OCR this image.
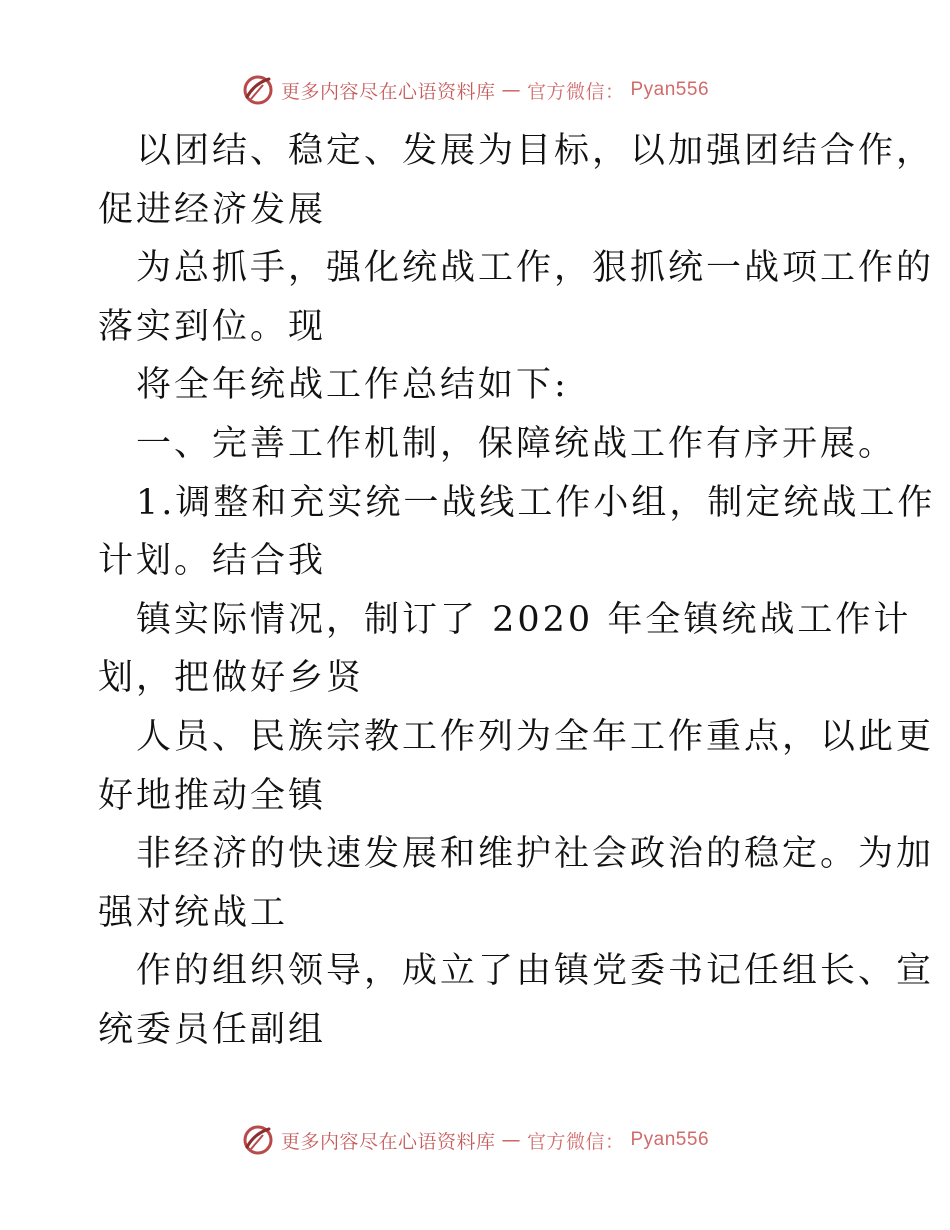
更多内容尽在心语资料库 — 官方微信： Pyan556
以团结、稳定、发展为目标，以加强团结合作，
促进经济发展
为总抓手，强化统战工作，狠抓统一战项工作的
落实到位。现
将全年统战工作总结如下:
一、完善工作机制，保障统战工作有序开展。
1.调整和充实统一战线工作小组，制定统战工作
计划。结合我
镇实际情况，制订了 2020 年全镇统战工作计
划，把做好乡贤
人员、民族宗教工作列为全年工作重点，以此更
好地推动全镇
非经济的快速发展和维护社会政治的稳定。为加
强对统战工
作的组织领导，成立了由镇党委书记任组长、宣
统委员任副组
更多内容尽在心语资料库 — 官方微信： Pyan556
